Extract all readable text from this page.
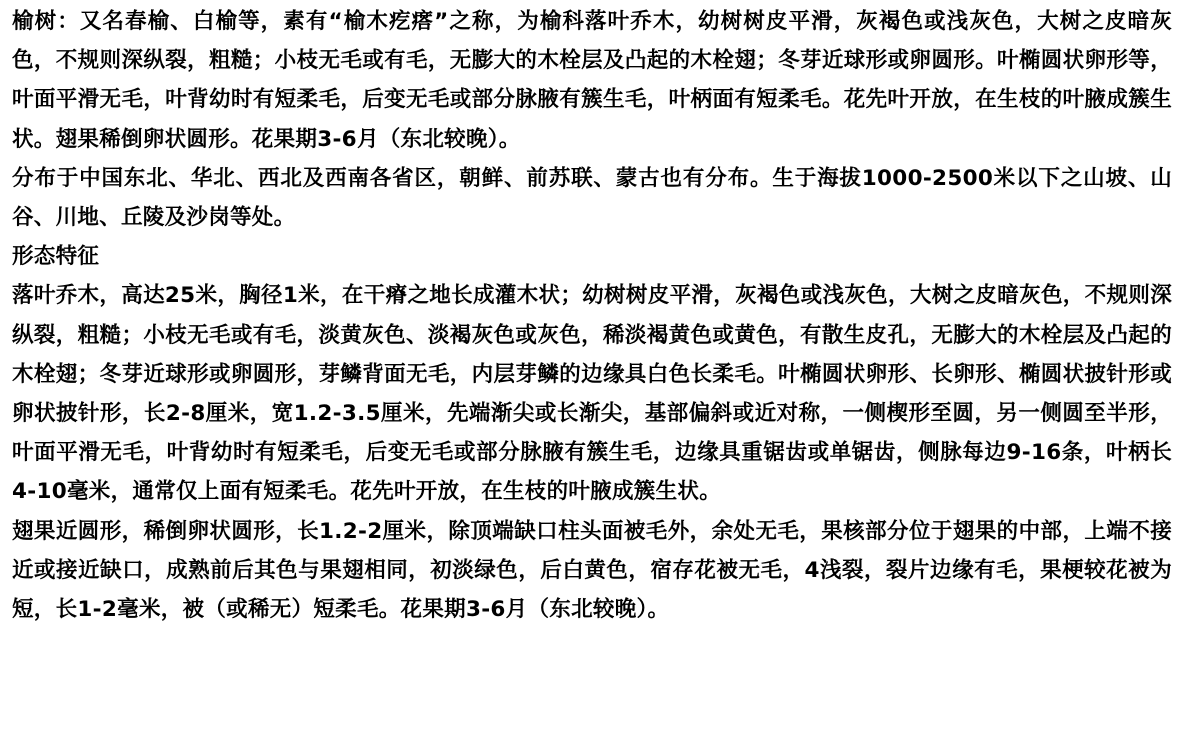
榆树：又名春榆、白榆等，素有“榆木疙瘩”之称，为榆科落叶乔木，幼树树皮平滑，灰褐色或浅灰色，大树之皮暗灰色，不规则深纵裂，粗糙；小枝无毛或有毛，无膨大的木栓层及凸起的木栓翅；冬芽近球形或卵圆形。叶椭圆状卵形等，叶面平滑无毛，叶背幼时有短柔毛，后变无毛或部分脉腋有簇生毛，叶柄面有短柔毛。花先叶开放，在生枝的叶腋成簇生状。翅果稀倒卵状圆形。花果期3-6月（东北较晚）。

分布于中国东北、华北、西北及西南各省区，朝鲜、前苏联、蒙古也有分布。生于海拔1000-2500米以下之山坡、山谷、川地、丘陵及沙岗等处。

形态特征

落叶乔木，高达25米，胸径1米，在干瘠之地长成灌木状；幼树树皮平滑，灰褐色或浅灰色，大树之皮暗灰色，不规则深纵裂，粗糙；小枝无毛或有毛，淡黄灰色、淡褐灰色或灰色，稀淡褐黄色或黄色，有散生皮孔，无膨大的木栓层及凸起的木栓翅；冬芽近球形或卵圆形，芽鳞背面无毛，内层芽鳞的边缘具白色长柔毛。叶椭圆状卵形、长卵形、椭圆状披针形或卵状披针形，长2-8厘米，宽1.2-3.5厘米，先端渐尖或长渐尖，基部偏斜或近对称，一侧楔形至圆，另一侧圆至半形，叶面平滑无毛，叶背幼时有短柔毛，后变无毛或部分脉腋有簇生毛，边缘具重锯齿或单锯齿，侧脉每边9-16条，叶柄长4-10毫米，通常仅上面有短柔毛。花先叶开放，在生枝的叶腋成簇生状。

翅果近圆形，稀倒卵状圆形，长1.2-2厘米，除顶端缺口柱头面被毛外，余处无毛，果核部分位于翅果的中部，上端不接近或接近缺口，成熟前后其色与果翅相同，初淡绿色，后白黄色，宿存花被无毛，4浅裂，裂片边缘有毛，果梗较花被为短，长1-2毫米，被（或稀无）短柔毛。花果期3-6月（东北较晚）。
